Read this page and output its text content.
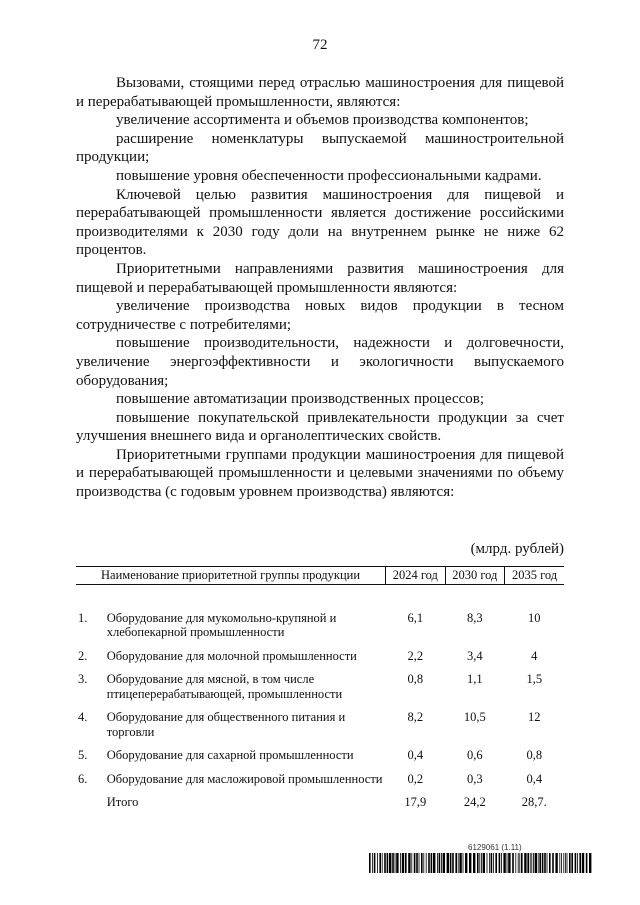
72

Вызовами, стоящими перед отраслью машиностроения для пищевой и перерабатывающей промышленности, являются:

увеличение ассортимента и объемов производства компонентов;

расширение номенклатуры выпускаемой машиностроительной продукции;

повышение уровня обеспеченности профессиональными кадрами.

Ключевой целью развития машиностроения для пищевой и перерабатывающей промышленности является достижение российскими производителями к 2030 году доли на внутреннем рынке не ниже 62 процентов.

Приоритетными направлениями развития машиностроения для пищевой и перерабатывающей промышленности являются:

увеличение производства новых видов продукции в тесном сотрудничестве с потребителями;

повышение производительности, надежности и долговечности, увеличение энергоэффективности и экологичности выпускаемого оборудования;

повышение автоматизации производственных процессов;

повышение покупательской привлекательности продукции за счет улучшения внешнего вида и органолептических свойств.

Приоритетными группами продукции машиностроения для пищевой и перерабатывающей промышленности и целевыми значениями по объему производства (с годовым уровнем производства) являются:

(млрд. рублей)
Наименование приоритетной группы продукции		2024 год	2030 год	2035 год
1.	Оборудование для мукомольно-крупяной и хлебопекарной промышленности	6,1	8,3	10
2.	Оборудование для молочной промышленности	2,2	3,4	4
3.	Оборудование для мясной, в том числе птицеперерабатывающей, промышленности	0,8	1,1	1,5
4.	Оборудование для общественного питания и торговли	8,2	10,5	12
5.	Оборудование для сахарной промышленности	0,4	0,6	0,8
6.	Оборудование для масложировой промышленности	0,2	0,3	0,4
	Итого	17,9	24,2	28,7.
6129061 (1.11)
